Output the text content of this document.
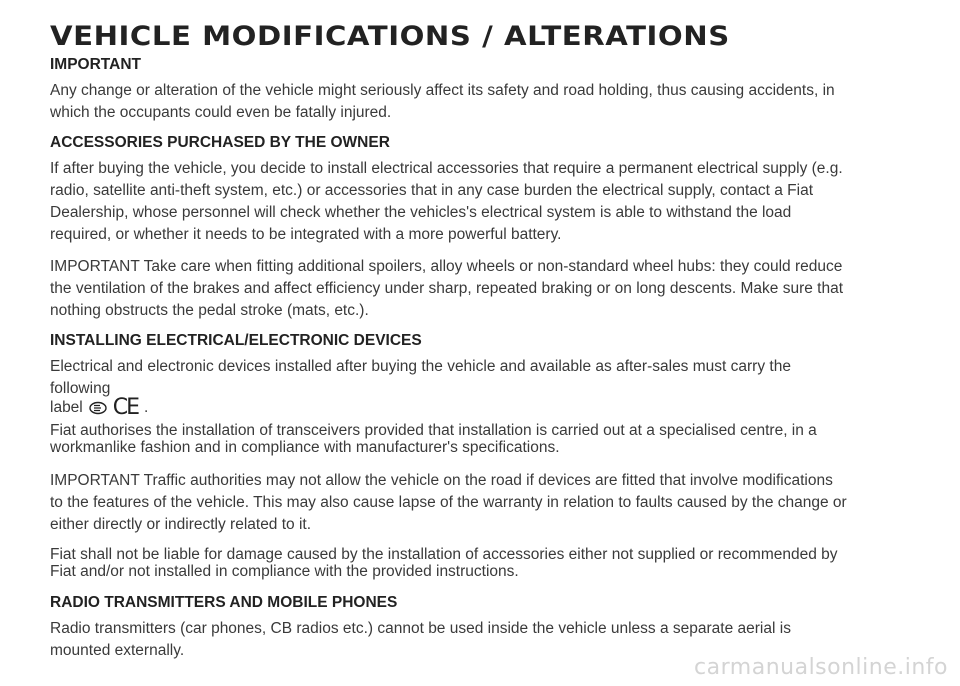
VEHICLE MODIFICATIONS / ALTERATIONS
IMPORTANT

Any change or alteration of the vehicle might seriously affect its safety and road holding, thus causing accidents, in which the occupants could even be fatally injured.

ACCESSORIES PURCHASED BY THE OWNER

If after buying the vehicle, you decide to install electrical accessories that require a permanent electrical supply (e.g. radio, satellite anti-theft system, etc.) or accessories that in any case burden the electrical supply, contact a Fiat Dealership, whose personnel will check whether the vehicles's electrical system is able to withstand the load required, or whether it needs to be integrated with a more powerful battery.

IMPORTANT Take care when fitting additional spoilers, alloy wheels or non-standard wheel hubs: they could reduce the ventilation of the brakes and affect efficiency under sharp, repeated braking or on long descents. Make sure that nothing obstructs the pedal stroke (mats, etc.).

INSTALLING ELECTRICAL/ELECTRONIC DEVICES

Electrical and electronic devices installed after buying the vehicle and available as after-sales must carry the following

label CE .

Fiat authorises the installation of transceivers provided that installation is carried out at a specialised centre, in a workmanlike fashion and in compliance with manufacturer's specifications.

IMPORTANT Traffic authorities may not allow the vehicle on the road if devices are fitted that involve modifications to the features of the vehicle. This may also cause lapse of the warranty in relation to faults caused by the change or either directly or indirectly related to it.

Fiat shall not be liable for damage caused by the installation of accessories either not supplied or recommended by Fiat and/or not installed in compliance with the provided instructions.

RADIO TRANSMITTERS AND MOBILE PHONES

Radio transmitters (car phones, CB radios etc.) cannot be used inside the vehicle unless a separate aerial is mounted externally.

carmanualsonline.info
